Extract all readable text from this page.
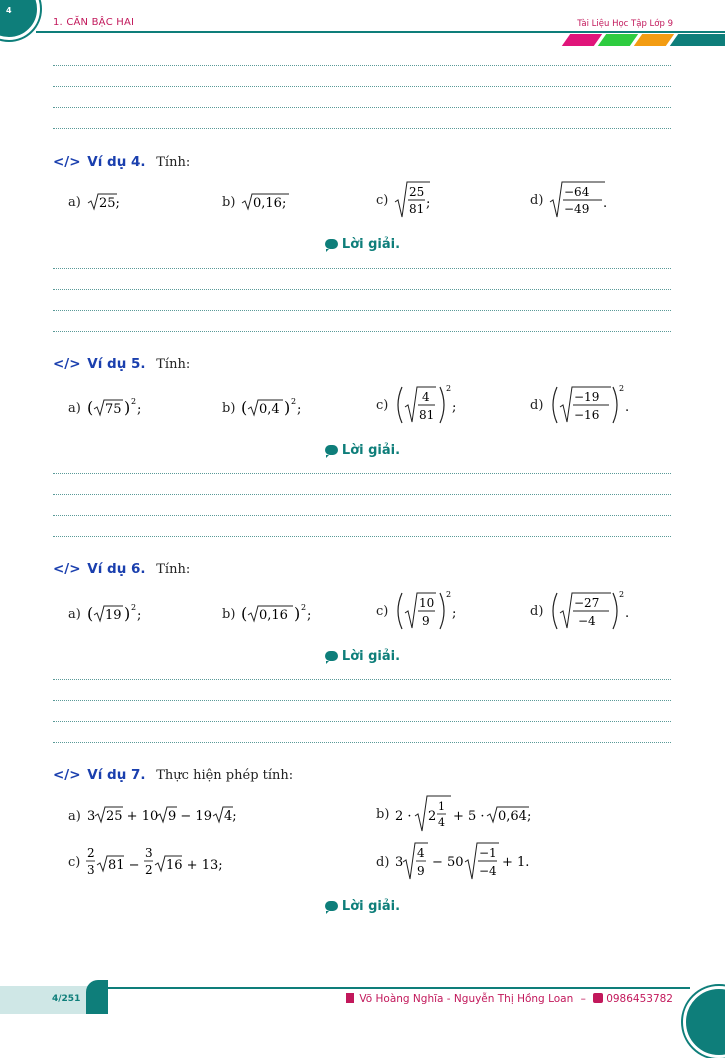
4
1. CĂN BẬC HAI	Tài Liệu Học Tập Lớp 9
</> Ví dụ 4. Tính:
a) 25;	b) 0,16;	c)
25
81 ;	d)
−64
−49 .
Lời giải.
</> Ví dụ 5. Tính:
a) ( 75 ) 2
;	b) ( 0,4 ) 2
;	c)
4
81
2
;	d)
−19
−16
2
.
Lời giải.
</> Ví dụ 6. Tính:
a) ( 19 ) 2
;	b) ( 0,16 ) 2
;	c)
10
9
2
;	d)
−27
−4
2
.
Lời giải.
</> Ví dụ 7. Thực hiện phép tính:
a) 3 25 + 10 9 − 19 4;	b) 2 · 2
1
4 + 5 · 0,64;
c)
2
3 81 −
3
2 16 + 13;	d) 3
4
9
− 50
−1
−4
+ 1.
Lời giải.
4/251	Võ Hoàng Nghĩa - Nguyễn Thị Hồng Loan – 0986453782
